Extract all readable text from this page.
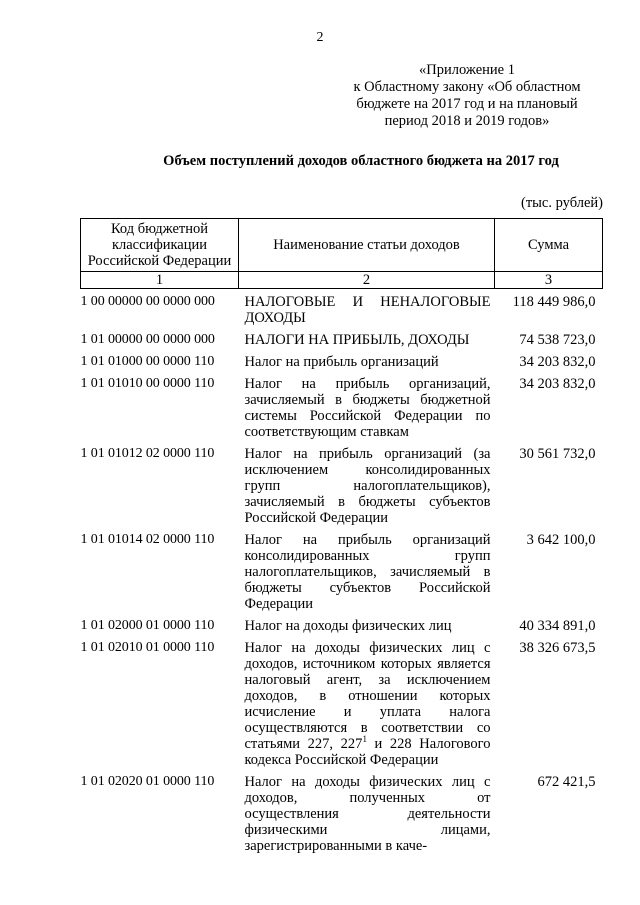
2
«Приложение 1
к Областному закону «Об областном
бюджете на 2017 год и на плановый
период 2018 и 2019 годов»
Объем поступлений доходов областного бюджета на 2017 год
(тыс. рублей)
Код бюджетной классификации Российской Федерации	Наименование статьи доходов	Сумма
1	2	3
1 00 00000 00 0000 000	НАЛОГОВЫЕ И НЕНАЛОГОВЫЕ ДОХОДЫ	118 449 986,0
1 01 00000 00 0000 000	НАЛОГИ НА ПРИБЫЛЬ, ДОХОДЫ	74 538 723,0
1 01 01000 00 0000 110	Налог на прибыль организаций	34 203 832,0
1 01 01010 00 0000 110	Налог на прибыль организаций, зачисляемый в бюджеты бюджетной системы Российской Федерации по соответствующим ставкам	34 203 832,0
1 01 01012 02 0000 110	Налог на прибыль организаций (за исключением консолидированных групп налогоплательщиков), зачисляемый в бюджеты субъектов Российской Федерации	30 561 732,0
1 01 01014 02 0000 110	Налог на прибыль организаций консолидированных групп налогоплательщиков, зачисляемый в бюджеты субъектов Российской Федерации	3 642 100,0
1 01 02000 01 0000 110	Налог на доходы физических лиц	40 334 891,0
1 01 02010 01 0000 110	Налог на доходы физических лиц с доходов, источником которых является налоговый агент, за исключением доходов, в отношении которых исчисление и уплата налога осуществляются в соответствии со статьями 227, $227^1$ и 228 Налогового кодекса Российской Федерации	38 326 673,5
1 01 02020 01 0000 110	Налог на доходы физических лиц с доходов, полученных от осуществления деятельности физическими лицами, зарегистрированными в каче-	672 421,5
